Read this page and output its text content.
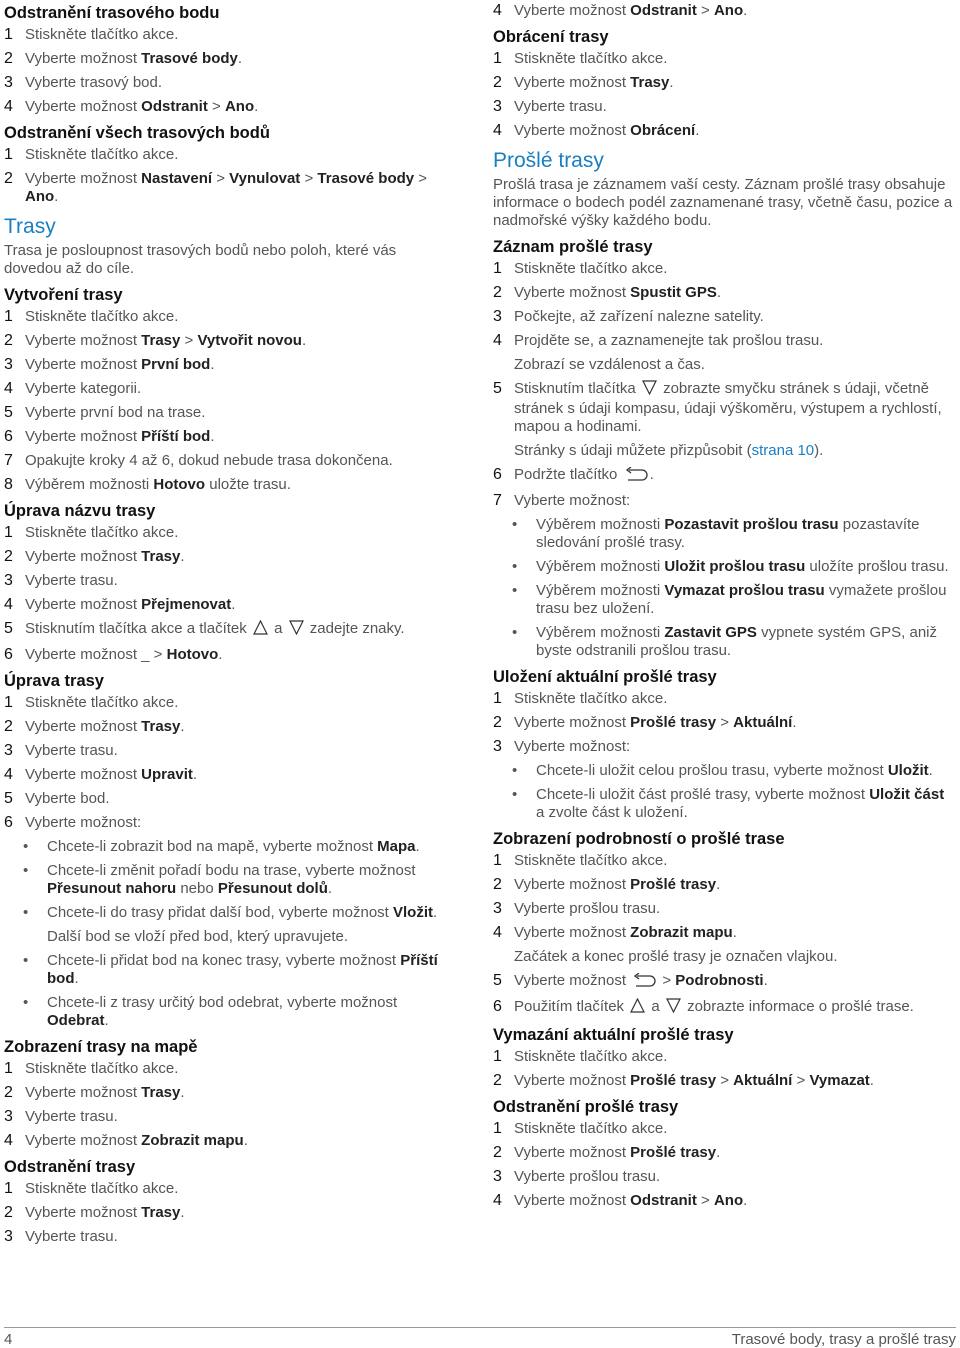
Odstranění trasového bodu
1 Stiskněte tlačítko akce.
2 Vyberte možnost Trasové body.
3 Vyberte trasový bod.
4 Vyberte možnost Odstranit > Ano.
Odstranění všech trasových bodů
1 Stiskněte tlačítko akce.
2 Vyberte možnost Nastavení > Vynulovat > Trasové body > Ano.
Trasy
Trasa je posloupnost trasových bodů nebo poloh, které vás dovedou až do cíle.
Vytvoření trasy
1 Stiskněte tlačítko akce.
2 Vyberte možnost Trasy > Vytvořit novou.
3 Vyberte možnost První bod.
4 Vyberte kategorii.
5 Vyberte první bod na trase.
6 Vyberte možnost Příští bod.
7 Opakujte kroky 4 až 6, dokud nebude trasa dokončena.
8 Výběrem možnosti Hotovo uložte trasu.
Úprava názvu trasy
1 Stiskněte tlačítko akce.
2 Vyberte možnost Trasy.
3 Vyberte trasu.
4 Vyberte možnost Přejmenovat.
5 Stisknutím tlačítka akce a tlačítek a zadejte znaky.
6 Vyberte možnost _ > Hotovo.
Úprava trasy
1 Stiskněte tlačítko akce.
2 Vyberte možnost Trasy.
3 Vyberte trasu.
4 Vyberte možnost Upravit.
5 Vyberte bod.
6 Vyberte možnost:
•	Chcete-li zobrazit bod na mapě, vyberte možnost Mapa.
•	Chcete-li změnit pořadí bodu na trase, vyberte možnost Přesunout nahoru nebo Přesunout dolů.
•	Chcete-li do trasy přidat další bod, vyberte možnost Vložit.
Další bod se vloží před bod, který upravujete.
•	Chcete-li přidat bod na konec trasy, vyberte možnost Příští bod.
•	Chcete-li z trasy určitý bod odebrat, vyberte možnost Odebrat.
Zobrazení trasy na mapě
1 Stiskněte tlačítko akce.
2 Vyberte možnost Trasy.
3 Vyberte trasu.
4 Vyberte možnost Zobrazit mapu.
Odstranění trasy
1 Stiskněte tlačítko akce.
2 Vyberte možnost Trasy.
3 Vyberte trasu.
4 Vyberte možnost Odstranit > Ano.
Obrácení trasy
1 Stiskněte tlačítko akce.
2 Vyberte možnost Trasy.
3 Vyberte trasu.
4 Vyberte možnost Obrácení.
Prošlé trasy
Prošlá trasa je záznamem vaší cesty. Záznam prošlé trasy obsahuje informace o bodech podél zaznamenané trasy, včetně času, pozice a nadmořské výšky každého bodu.
Záznam prošlé trasy
1 Stiskněte tlačítko akce.
2 Vyberte možnost Spustit GPS.
3 Počkejte, až zařízení nalezne satelity.
4 Projděte se, a zaznamenejte tak prošlou trasu.
Zobrazí se vzdálenost a čas.
5 Stisknutím tlačítka zobrazte smyčku stránek s údaji, včetně stránek s údaji kompasu, údaji výškoměru, výstupem a rychlostí, mapou a hodinami.
Stránky s údaji můžete přizpůsobit (strana 10).
6 Podržte tlačítko .
7 Vyberte možnost:
•	Výběrem možnosti Pozastavit prošlou trasu pozastavíte sledování prošlé trasy.
•	Výběrem možnosti Uložit prošlou trasu uložíte prošlou trasu.
•	Výběrem možnosti Vymazat prošlou trasu vymažete prošlou trasu bez uložení.
•	Výběrem možnosti Zastavit GPS vypnete systém GPS, aniž byste odstranili prošlou trasu.
Uložení aktuální prošlé trasy
1 Stiskněte tlačítko akce.
2 Vyberte možnost Prošlé trasy > Aktuální.
3 Vyberte možnost:
•	Chcete-li uložit celou prošlou trasu, vyberte možnost Uložit.
•	Chcete-li uložit část prošlé trasy, vyberte možnost Uložit část a zvolte část k uložení.
Zobrazení podrobností o prošlé trase
1 Stiskněte tlačítko akce.
2 Vyberte možnost Prošlé trasy.
3 Vyberte prošlou trasu.
4 Vyberte možnost Zobrazit mapu.
Začátek a konec prošlé trasy je označen vlajkou.
5 Vyberte možnost  > Podrobnosti.
6 Použitím tlačítek a zobrazte informace o prošlé trase.
Vymazání aktuální prošlé trasy
1 Stiskněte tlačítko akce.
2 Vyberte možnost Prošlé trasy > Aktuální > Vymazat.
Odstranění prošlé trasy
1 Stiskněte tlačítko akce.
2 Vyberte možnost Prošlé trasy.
3 Vyberte prošlou trasu.
4 Vyberte možnost Odstranit > Ano.
4	Trasové body, trasy a prošlé trasy
